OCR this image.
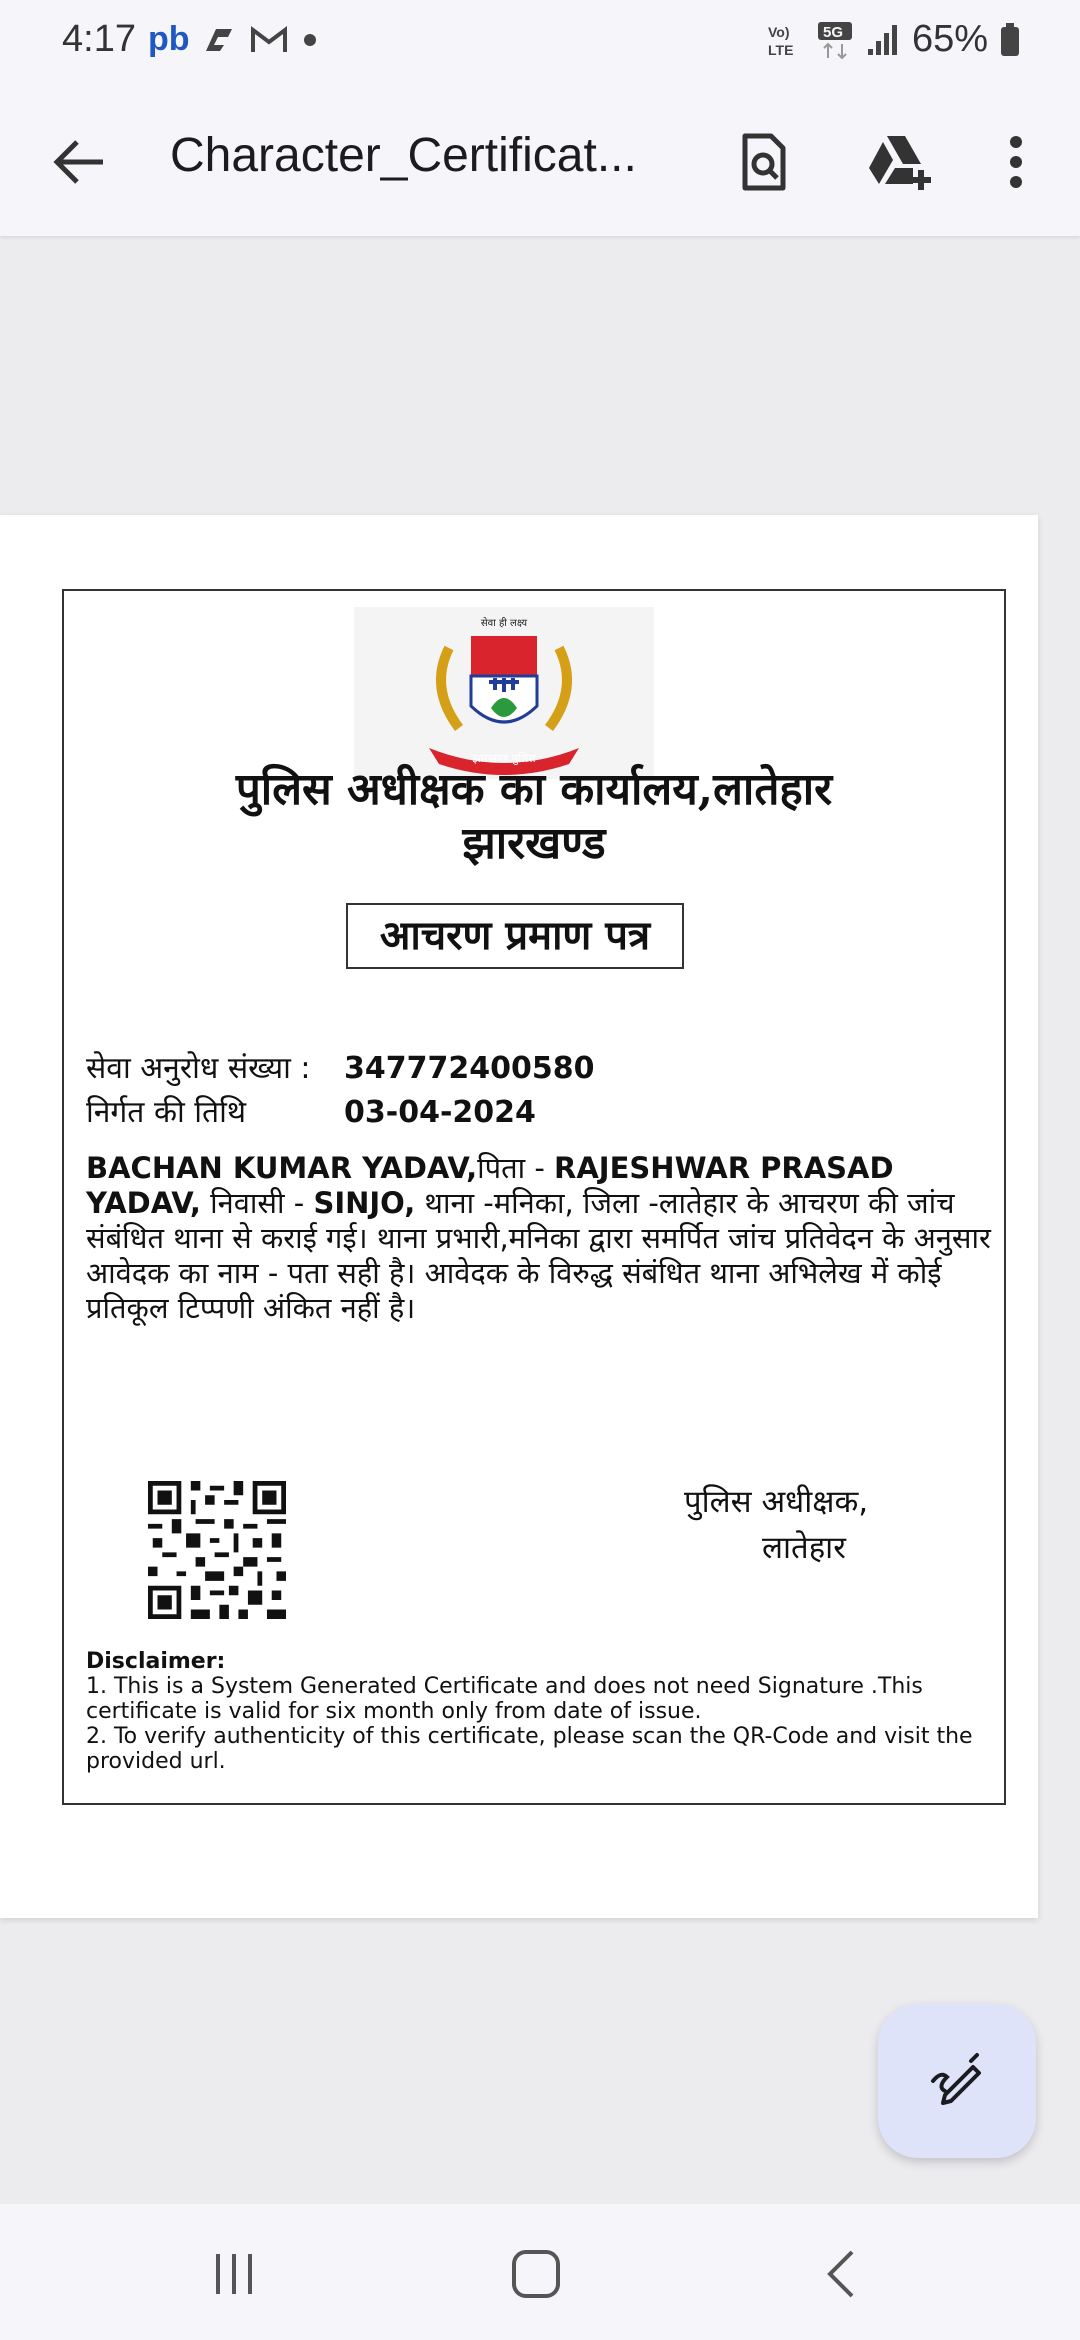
4:17 pb	Vo)
LTE
5G 65%
Character_Certificat...
सेवा ही लक्ष्य
झारखण्ड पुलिस
पुलिस अधीक्षक का कार्यालय,लातेहार
झारखण्ड
आचरण प्रमाण पत्र
सेवा अनुरोध संख्या :	347772400580
निर्गत की तिथि	03-04-2024
BACHAN KUMAR YADAV,पिता - RAJESHWAR PRASAD YADAV, निवासी - SINJO, थाना -मनिका, जिला -लातेहार के आचरण की जांच संबंधित थाना से कराई गई। थाना प्रभारी,मनिका द्वारा समर्पित जांच प्रतिवेदन के अनुसार आवेदक का नाम - पता सही है। आवेदक के विरुद्ध संबंधित थाना अभिलेख में कोई प्रतिकूल टिप्पणी अंकित नहीं है।
पुलिस अधीक्षक,
लातेहार
Disclaimer:
1. This is a System Generated Certificate and does not need Signature .This certificate is valid for six month only from date of issue.
2. To verify authenticity of this certificate, please scan the QR-Code and visit the provided url.
